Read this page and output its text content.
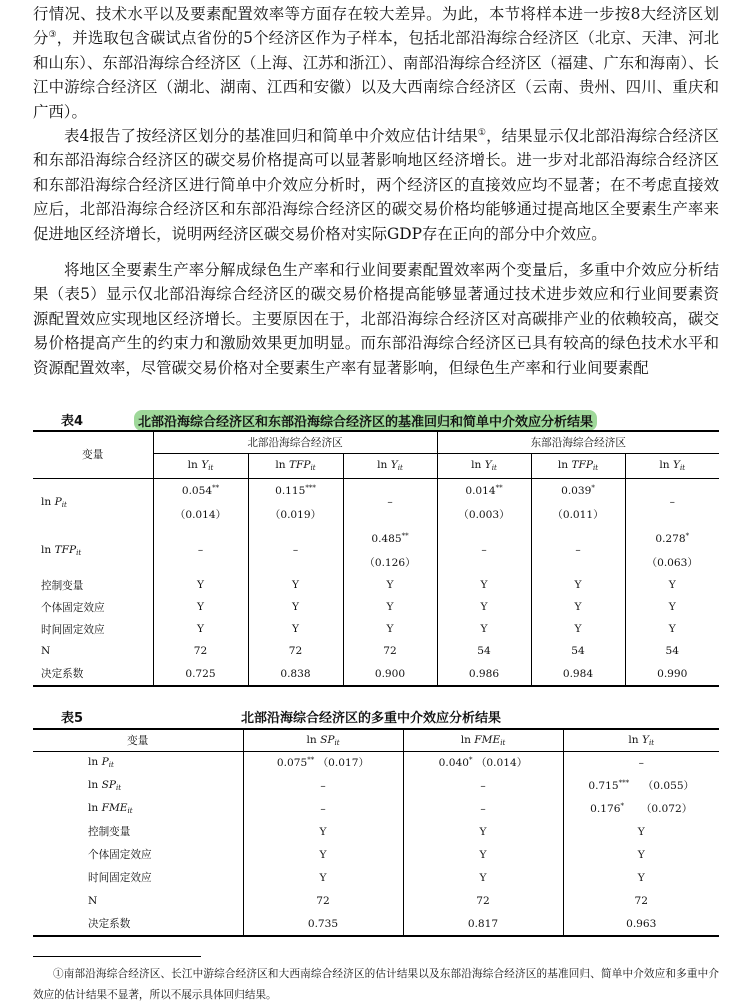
行情况、技术水平以及要素配置效率等方面存在较大差异。为此，本节将样本进一步按8大经济区划分③，并选取包含碳试点省份的5个经济区作为子样本，包括北部沿海综合经济区（北京、天津、河北和山东）、东部沿海综合经济区（上海、江苏和浙江）、南部沿海综合经济区（福建、广东和海南）、长江中游综合经济区（湖北、湖南、江西和安徽）以及大西南综合经济区（云南、贵州、四川、重庆和广西）。

表4报告了按经济区划分的基准回归和简单中介效应估计结果①，结果显示仅北部沿海综合经济区和东部沿海综合经济区的碳交易价格提高可以显著影响地区经济增长。进一步对北部沿海综合经济区和东部沿海综合经济区进行简单中介效应分析时，两个经济区的直接效应均不显著；在不考虑直接效应后，北部沿海综合经济区和东部沿海综合经济区的碳交易价格均能够通过提高地区全要素生产率来促进地区经济增长，说明两经济区碳交易价格对实际GDP存在正向的部分中介效应。

将地区全要素生产率分解成绿色生产率和行业间要素配置效率两个变量后，多重中介效应分析结果（表5）显示仅北部沿海综合经济区的碳交易价格提高能够显著通过技术进步效应和行业间要素资源配置效应实现地区经济增长。主要原因在于，北部沿海综合经济区对高碳排产业的依赖较高，碳交易价格提高产生的约束力和激励效果更加明显。而东部沿海综合经济区已具有较高的绿色技术水平和资源配置效率，尽管碳交易价格对全要素生产率有显著影响，但绿色生产率和行业间要素配

表4	北部沿海综合经济区和东部沿海综合经济区的基准回归和简单中介效应分析结果
变量	北部沿海综合经济区			东部沿海综合经济区		
	$\ln Y_{it}$	$\ln TFP_{it}$	$\ln Y_{it}$	$\ln Y_{it}$	$\ln TFP_{it}$	$\ln Y_{it}$
$\ln P_{it}$	0.054**	0.115***	–	0.014**	0.039*	–
	（0.014）	（0.019）		（0.003）	（0.011）	
$\ln TFP_{it}$	–	–	0.485**	–	–	0.278*
			（0.126）			（0.063）
控制变量	Y	Y	Y	Y	Y	Y
个体固定效应	Y	Y	Y	Y	Y	Y
时间固定效应	Y	Y	Y	Y	Y	Y
N	72	72	72	54	54	54
决定系数	0.725	0.838	0.900	0.986	0.984	0.990
表5	北部沿海综合经济区的多重中介效应分析结果
变量	$\ln SP_{it}$	$\ln FME_{it}$	$\ln Y_{it}$
$\ln P_{it}$	0.075** （0.017）	0.040* （0.014）	–
$\ln SP_{it}$	–	–	0.715*** （0.055）
$\ln FME_{it}$	–	–	0.176* （0.072）
控制变量	Y	Y	Y
个体固定效应	Y	Y	Y
时间固定效应	Y	Y	Y
N	72	72	72
决定系数	0.735	0.817	0.963

①南部沿海综合经济区、长江中游综合经济区和大西南综合经济区的估计结果以及东部沿海综合经济区的基准回归、简单中介效应和多重中介效应的估计结果不显著，所以不展示具体回归结果。
